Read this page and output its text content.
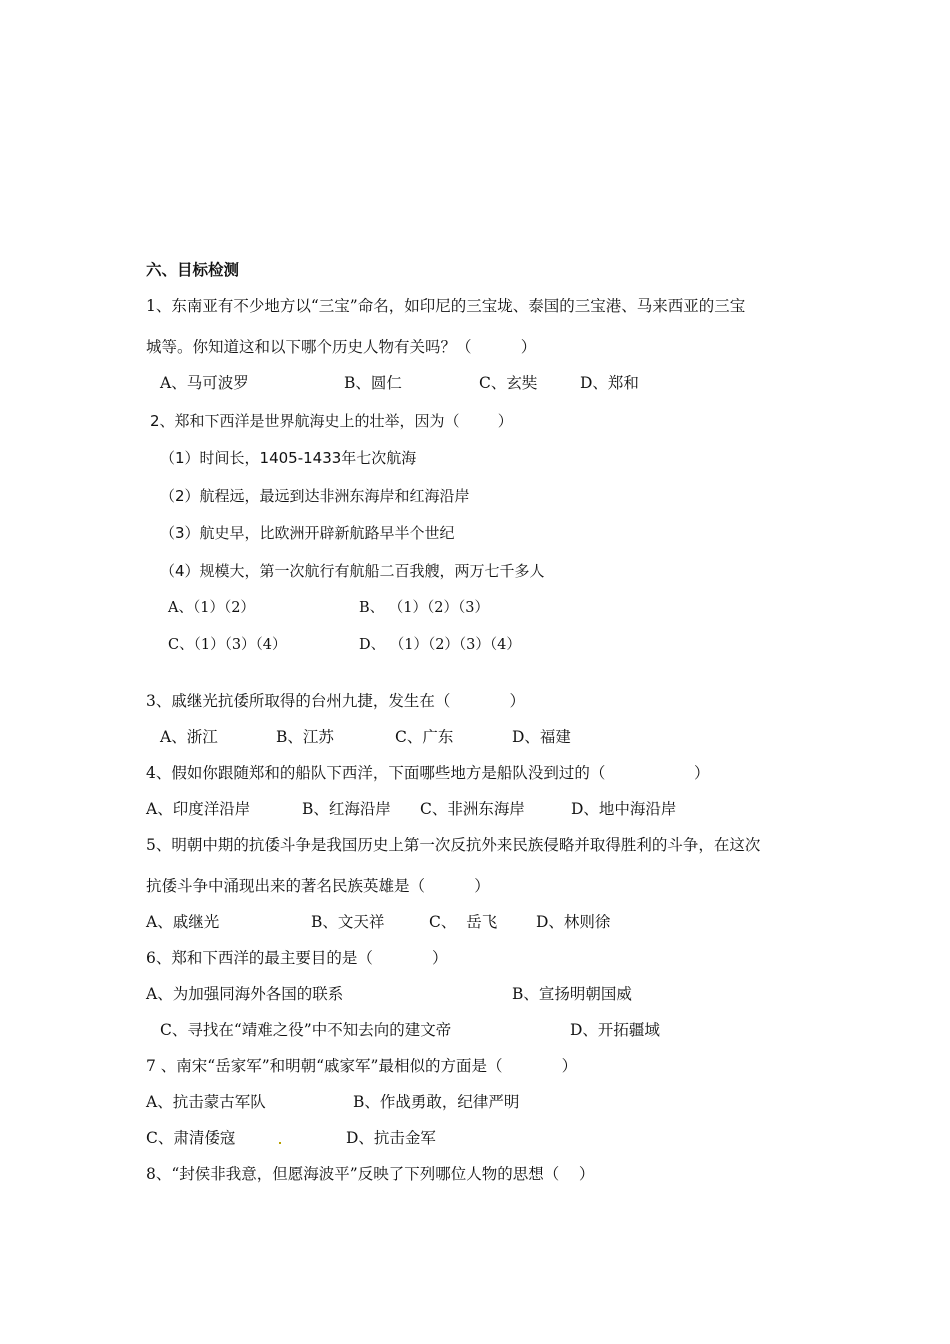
六、目标检测
1、东南亚有不少地方以“三宝”命名，如印尼的三宝垅、泰国的三宝港、马来西亚的三宝
城等。你知道这和以下哪个历史人物有关吗？（          ）
A、马可波罗	B、圆仁	C、玄奘	D、郑和
2、郑和下西洋是世界航海史上的壮举，因为（        ）
（1）时间长，1405-1433年七次航海
（2）航程远，最远到达非洲东海岸和红海沿岸
（3）航史早，比欧洲开辟新航路早半个世纪
（4）规模大，第一次航行有航船二百我艘，两万七千多人
A、（1）（2）	B、 （1）（2）（3）
C、（1）（3）（4）	D、 （1）（2）（3）（4）
3、戚继光抗倭所取得的台州九捷，发生在（            ）
A、浙江	B、江苏	C、广东	D、福建
4、假如你跟随郑和的船队下西洋，下面哪些地方是船队没到过的（                  ）
A、印度洋沿岸	B、红海沿岸 C、非洲东海岸	D、地中海沿岸
5、明朝中期的抗倭斗争是我国历史上第一次反抗外来民族侵略并取得胜利的斗争，在这次
抗倭斗争中涌现出来的著名民族英雄是（          ）
A、戚继光	B、文天祥	C、  岳飞	D、林则徐
6、郑和下西洋的最主要目的是（            ）
A、为加强同海外各国的联系	B、宣扬明朝国威
C、寻找在“靖难之役”中不知去向的建文帝	D、开拓疆域
7 、南宋“岳家军”和明朝“戚家军”最相似的方面是（            ）
A、抗击蒙古军队	B、作战勇敢，纪律严明
C、肃清倭寇	D、抗击金军
8、“封侯非我意，但愿海波平”反映了下列哪位人物的思想（    ）
